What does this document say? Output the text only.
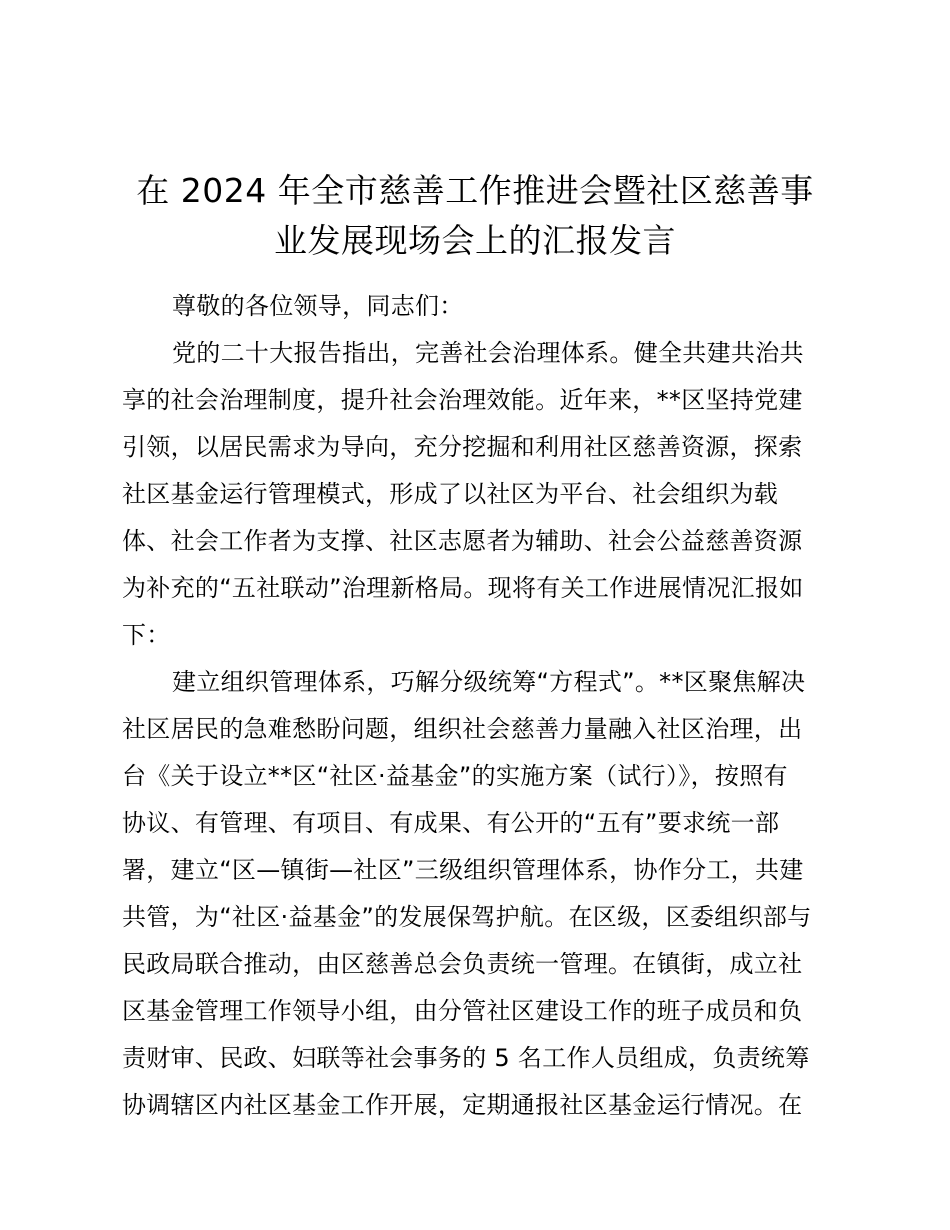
在 2024 年全市慈善工作推进会暨社区慈善事
业发展现场会上的汇报发言
尊敬的各位领导，同志们：
党的二十大报告指出，完善社会治理体系。健全共建共治共
享的社会治理制度，提升社会治理效能。近年来，**区坚持党建
引领，以居民需求为导向，充分挖掘和利用社区慈善资源，探索
社区基金运行管理模式，形成了以社区为平台、社会组织为载
体、社会工作者为支撑、社区志愿者为辅助、社会公益慈善资源
为补充的“五社联动”治理新格局。现将有关工作进展情况汇报如
下：
建立组织管理体系，巧解分级统筹“方程式”。**区聚焦解决
社区居民的急难愁盼问题，组织社会慈善力量融入社区治理，出
台《关于设立**区“社区·益基金”的实施方案（试行）》，按照有
协议、有管理、有项目、有成果、有公开的“五有”要求统一部
署，建立“区—镇街—社区”三级组织管理体系，协作分工，共建
共管，为“社区·益基金”的发展保驾护航。在区级，区委组织部与
民政局联合推动，由区慈善总会负责统一管理。在镇街，成立社
区基金管理工作领导小组，由分管社区建设工作的班子成员和负
责财审、民政、妇联等社会事务的 5 名工作人员组成，负责统筹
协调辖区内社区基金工作开展，定期通报社区基金运行情况。在
